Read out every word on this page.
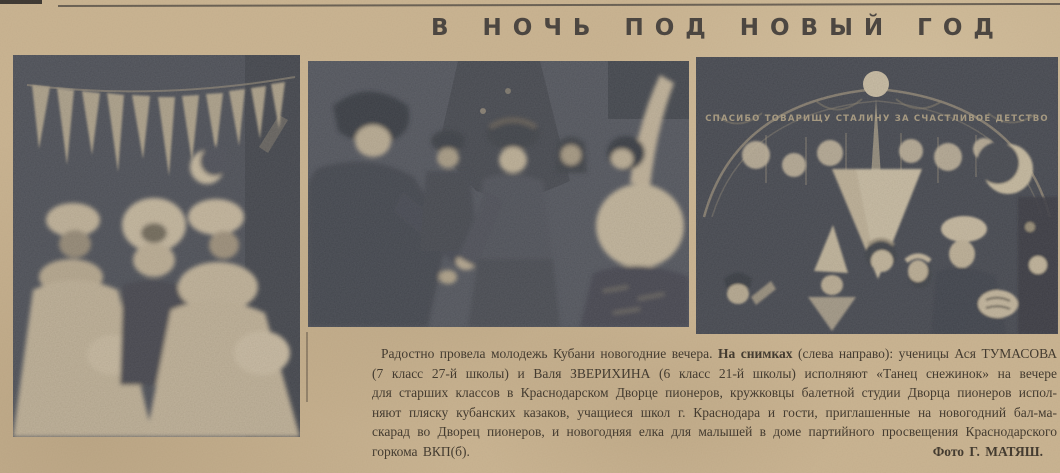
В НОЧЬ ПОД НОВЫЙ ГОД
СПАСИБО ТОВАРИЩУ СТАЛИНУ ЗА СЧАСТЛИВОЕ ДЕТСТВО
Радостно провела молодежь Кубани новогодние вечера. На снимках (слева направо): ученицы Ася ТУМАСОВА
(7 класс 27-й школы) и Валя ЗВЕРИХИНА (6 класс 21-й школы) исполняют «Танец снежинок» на вечере
для старших классов в Краснодарском Дворце пионеров, кружковцы балетной студии Дворца пионеров испол-
няют пляску кубанских казаков, учащиеся школ г. Краснодара и гости, приглашенные на новогодний бал-ма-
скарад во Дворец пионеров, и новогодняя елка для малышей в доме партийного просвещения Краснодарского
горкома ВКП(б).	Фото Г. МАТЯШ.
